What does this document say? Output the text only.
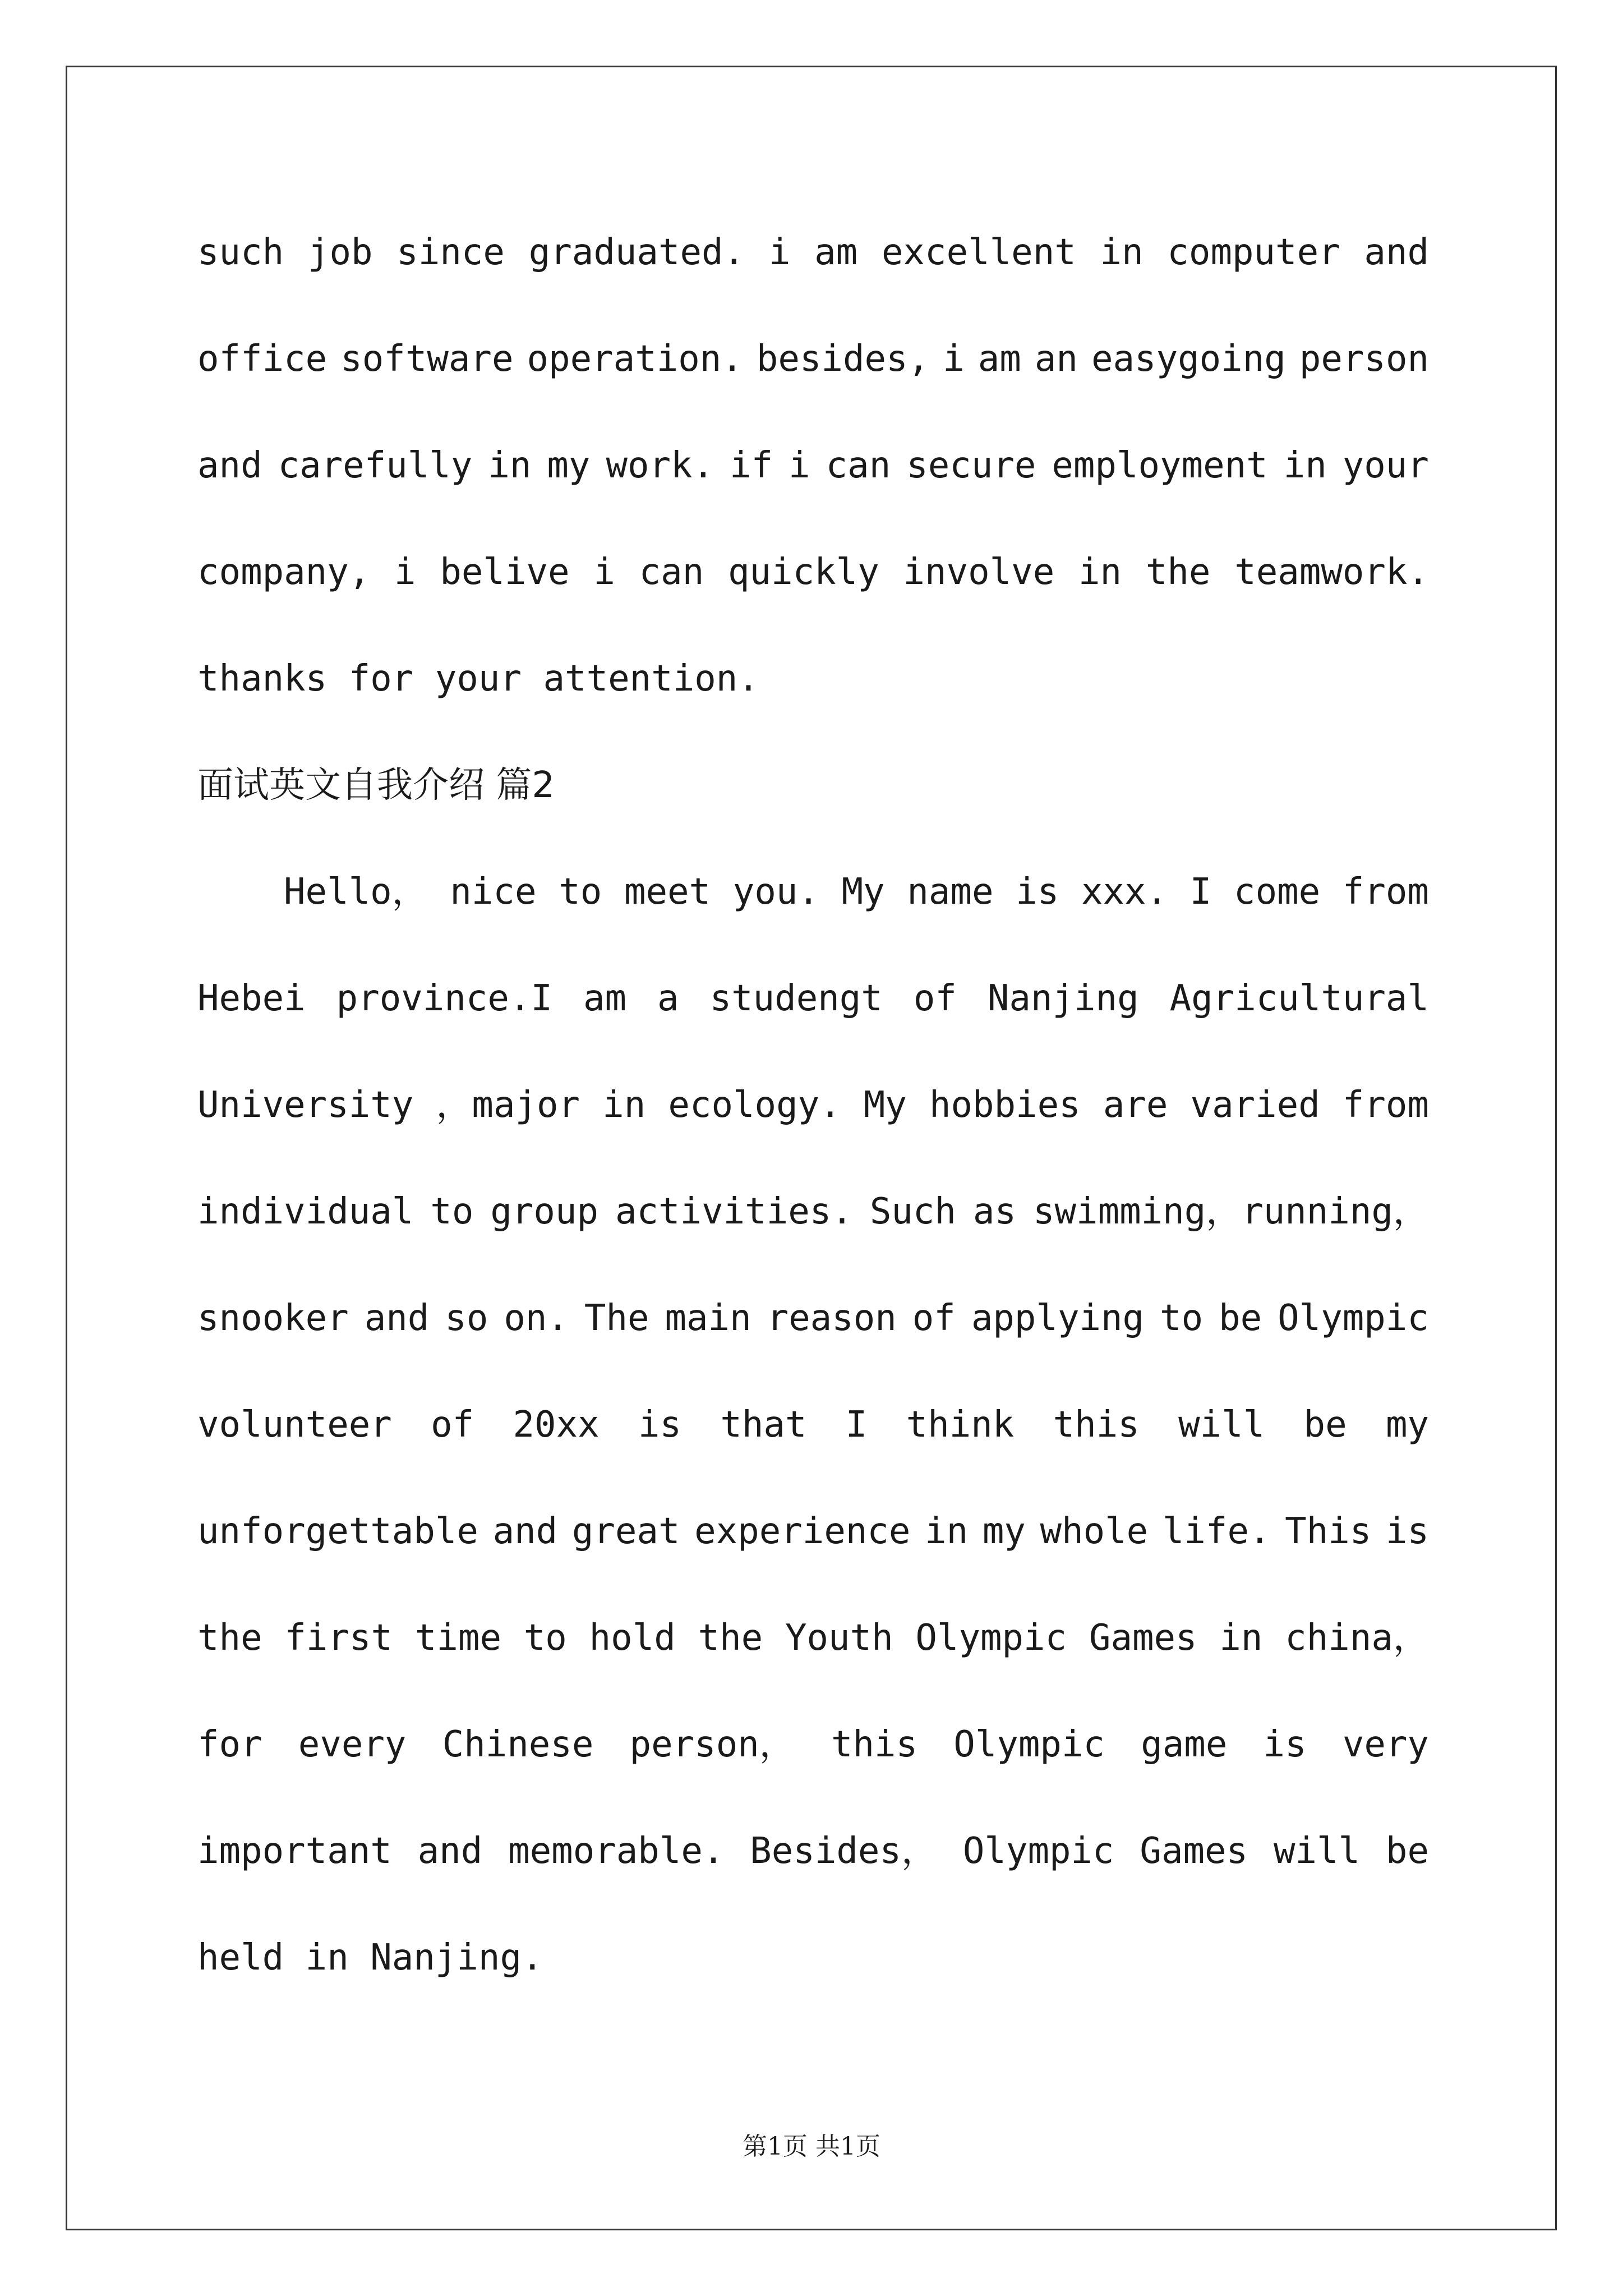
such job since graduated. i am excellent in computer and
office software operation. besides, i am an easygoing person
and carefully in my work. if i can secure employment in your
company, i belive i can quickly involve in the teamwork.
thanks for your attention.
面试英文自我介绍 篇2
Hello， nice to meet you. My name is xxx. I come from
Hebei province.I am a studengt of Nanjing Agricultural
University ，major in ecology. My hobbies are varied from
individual to group activities. Such as swimming，running，
snooker and so on. The main reason of applying to be Olympic
volunteer of 20xx is that I think this will be my
unforgettable and great experience in my whole life. This is
the first time to hold the Youth Olympic Games in china，
for every Chinese person， this Olympic game is very
important and memorable. Besides， Olympic Games will be
held in Nanjing.
第1页 共1页
